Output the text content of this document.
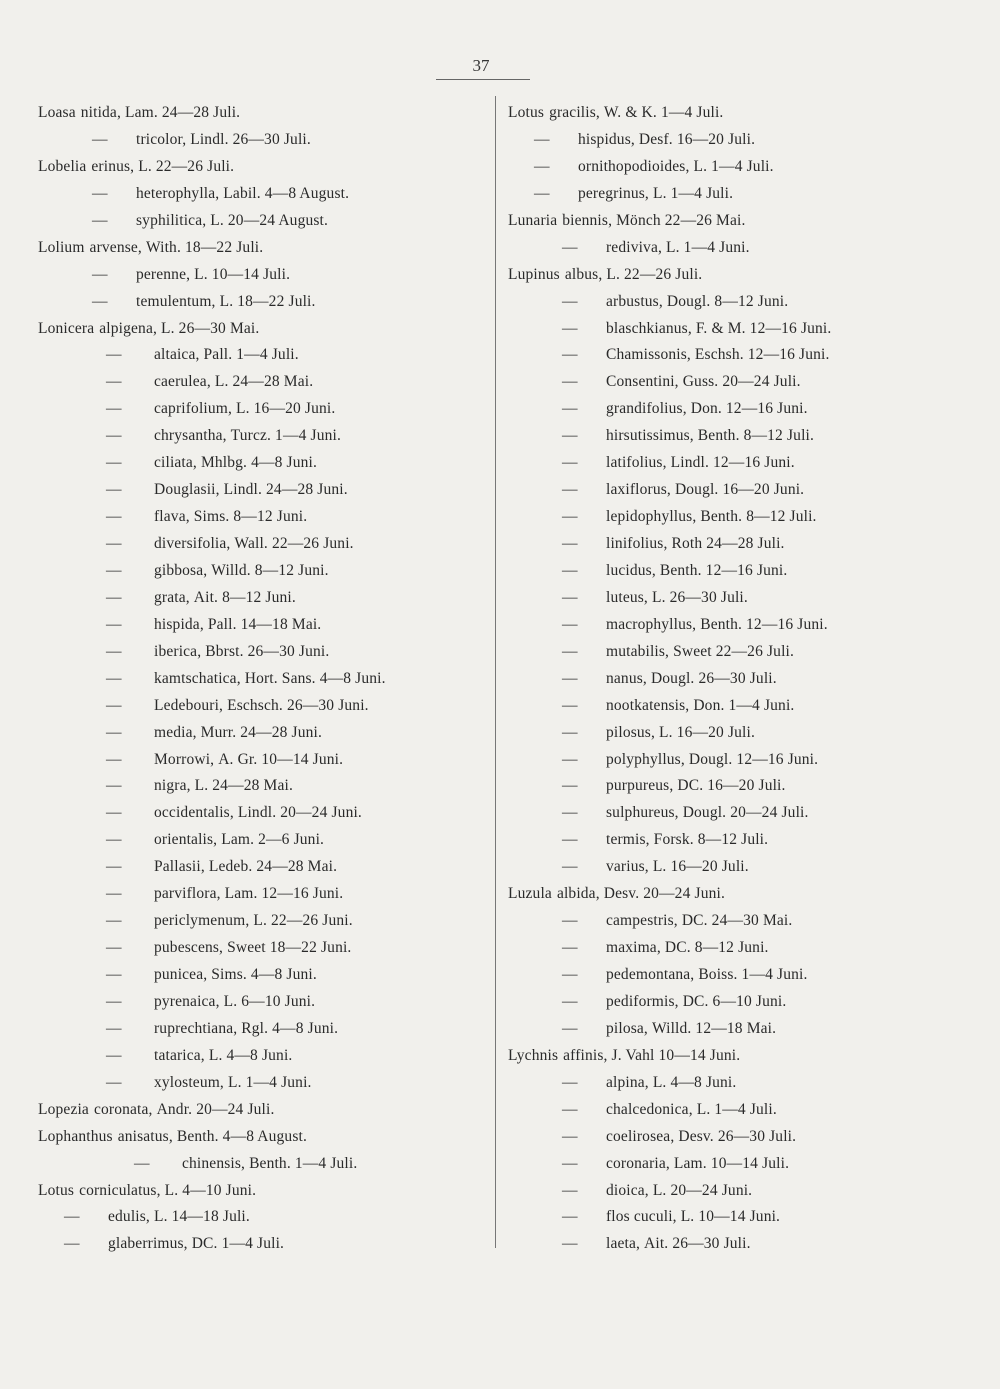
37
Loasa nitida, Lam. 24—28 Juli.
— tricolor, Lindl. 26—30 Juli.
Lobelia erinus, L. 22—26 Juli.
— heterophylla, Labil. 4—8 August.
— syphilitica, L. 20—24 August.
Lolium arvense, With. 18—22 Juli.
— perenne, L. 10—14 Juli.
— temulentum, L. 18—22 Juli.
Lonicera alpigena, L. 26—30 Mai.
— altaica, Pall. 1—4 Juli.
— caerulea, L. 24—28 Mai.
— caprifolium, L. 16—20 Juni.
— chrysantha, Turcz. 1—4 Juni.
— ciliata, Mhlbg. 4—8 Juni.
— Douglasii, Lindl. 24—28 Juni.
— flava, Sims. 8—12 Juni.
— diversifolia, Wall. 22—26 Juni.
— gibbosa, Willd. 8—12 Juni.
— grata, Ait. 8—12 Juni.
— hispida, Pall. 14—18 Mai.
— iberica, Bbrst. 26—30 Juni.
— kamtschatica, Hort. Sans. 4—8 Juni.
— Ledebouri, Eschsch. 26—30 Juni.
— media, Murr. 24—28 Juni.
— Morrowi, A. Gr. 10—14 Juni.
— nigra, L. 24—28 Mai.
— occidentalis, Lindl. 20—24 Juni.
— orientalis, Lam. 2—6 Juni.
— Pallasii, Ledeb. 24—28 Mai.
— parviflora, Lam. 12—16 Juni.
— periclymenum, L. 22—26 Juni.
— pubescens, Sweet 18—22 Juni.
— punicea, Sims. 4—8 Juni.
— pyrenaica, L. 6—10 Juni.
— ruprechtiana, Rgl. 4—8 Juni.
— tatarica, L. 4—8 Juni.
— xylosteum, L. 1—4 Juni.
Lopezia coronata, Andr. 20—24 Juli.
Lophanthus anisatus, Benth. 4—8 August.
— chinensis, Benth. 1—4 Juli.
Lotus corniculatus, L. 4—10 Juni.
— edulis, L. 14—18 Juli.
— glaberrimus, DC. 1—4 Juli.
Lotus gracilis, W. & K. 1—4 Juli.
— hispidus, Desf. 16—20 Juli.
— ornithopodioides, L. 1—4 Juli.
— peregrinus, L. 1—4 Juli.
Lunaria biennis, Mönch 22—26 Mai.
— rediviva, L. 1—4 Juni.
Lupinus albus, L. 22—26 Juli.
— arbustus, Dougl. 8—12 Juni.
— blaschkianus, F. & M. 12—16 Juni.
— Chamissonis, Eschsh. 12—16 Juni.
— Consentini, Guss. 20—24 Juli.
— grandifolius, Don. 12—16 Juni.
— hirsutissimus, Benth. 8—12 Juli.
— latifolius, Lindl. 12—16 Juni.
— laxiflorus, Dougl. 16—20 Juni.
— lepidophyllus, Benth. 8—12 Juli.
— linifolius, Roth 24—28 Juli.
— lucidus, Benth. 12—16 Juni.
— luteus, L. 26—30 Juli.
— macrophyllus, Benth. 12—16 Juni.
— mutabilis, Sweet 22—26 Juli.
— nanus, Dougl. 26—30 Juli.
— nootkatensis, Don. 1—4 Juni.
— pilosus, L. 16—20 Juli.
— polyphyllus, Dougl. 12—16 Juni.
— purpureus, DC. 16—20 Juli.
— sulphureus, Dougl. 20—24 Juli.
— termis, Forsk. 8—12 Juli.
— varius, L. 16—20 Juli.
Luzula albida, Desv. 20—24 Juni.
— campestris, DC. 24—30 Mai.
— maxima, DC. 8—12 Juni.
— pedemontana, Boiss. 1—4 Juni.
— pediformis, DC. 6—10 Juni.
— pilosa, Willd. 12—18 Mai.
Lychnis affinis, J. Vahl 10—14 Juni.
— alpina, L. 4—8 Juni.
— chalcedonica, L. 1—4 Juli.
— coelirosea, Desv. 26—30 Juli.
— coronaria, Lam. 10—14 Juli.
— dioica, L. 20—24 Juni.
— flos cuculi, L. 10—14 Juni.
— laeta, Ait. 26—30 Juli.
